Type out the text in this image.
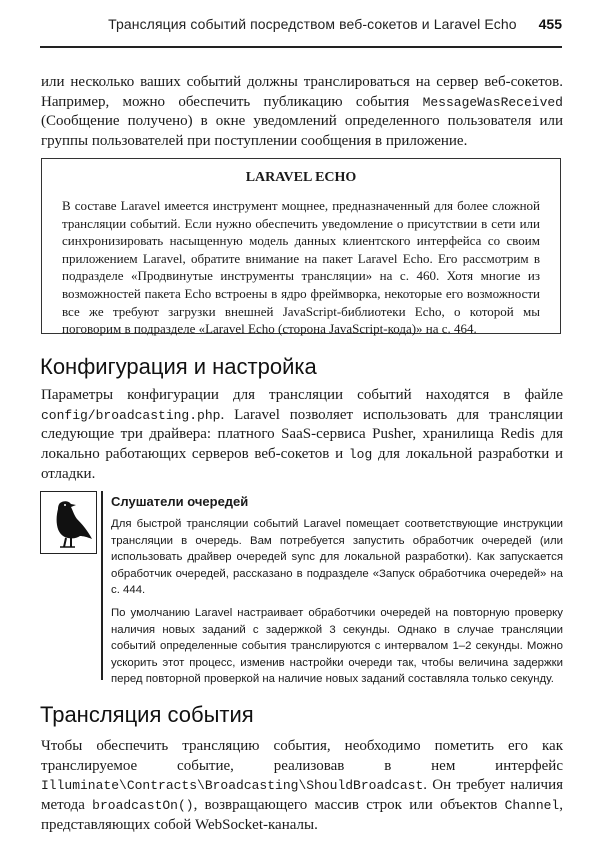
Трансляция событий посредством веб-сокетов и Laravel Echo 455

или несколько ваших событий должны транслироваться на сервер веб-сокетов. Например, можно обеспечить публикацию события MessageWasReceived (Сообщение получено) в окне уведомлений определенного пользователя или группы пользователей при поступлении сообщения в приложение.

LARAVEL ECHO

В составе Laravel имеется инструмент мощнее, предназначенный для более сложной трансляции событий. Если нужно обеспечить уведомление о присутствии в сети или синхронизировать насыщенную модель данных клиентского интерфейса со своим приложением Laravel, обратите внимание на пакет Laravel Echo. Его рассмотрим в подразделе «Продвинутые инструменты трансляции» на с. 460. Хотя многие из возможностей пакета Echo встроены в ядро фреймворка, некоторые его возможности все же требуют загрузки внешней JavaScript-библиотеки Echo, о которой мы поговорим в подразделе «Laravel Echo (сторона JavaScript-кода)» на с. 464.

Конфигурация и настройка

Параметры конфигурации для трансляции событий находятся в файле config/broadcasting.php. Laravel позволяет использовать для трансляции следующие три драйвера: платного SaaS-сервиса Pusher, хранилища Redis для локально работающих серверов веб-сокетов и log для локальной разработки и отладки.

Слушатели очередей

Для быстрой трансляции событий Laravel помещает соответствующие инструкции трансляции в очередь. Вам потребуется запустить обработчик очередей (или использовать драйвер очередей sync для локальной разработки). Как запускается обработчик очередей, рассказано в подразделе «Запуск обработчика очередей» на с. 444.

По умолчанию Laravel настраивает обработчики очередей на повторную проверку наличия новых заданий с задержкой 3 секунды. Однако в случае трансляции событий определенные события транслируются с интервалом 1–2 секунды. Можно ускорить этот процесс, изменив настройки очереди так, чтобы величина задержки перед повторной проверкой на наличие новых заданий составляла только секунду.

Трансляция события

Чтобы обеспечить трансляцию события, необходимо пометить его как транслируемое событие, реализовав в нем интерфейс Illuminate\Contracts\Broadcasting\ShouldBroadcast. Он требует наличия метода broadcastOn(), возвращающего массив строк или объектов Channel, представляющих собой WebSocket-каналы.
